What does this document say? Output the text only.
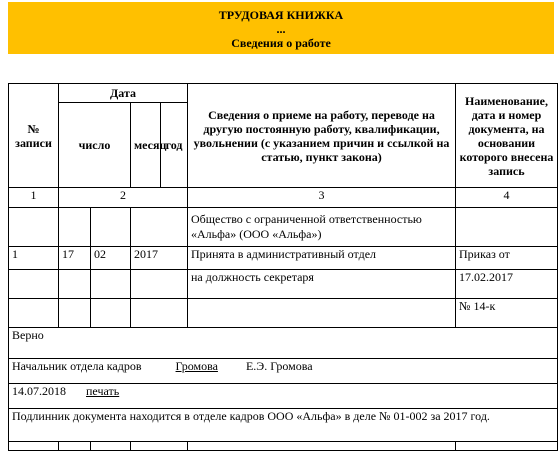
ТРУДОВАЯ КНИЖКА
...
Сведения о работе
№ записи	Дата				Сведения о приеме на работу, переводе на другую постоянную работу, квалификации, увольнении (с указанием причин и ссылкой на статью, пункт закона)	Наименование, дата и номер документа, на основании которого внесена запись
	число		месяц	год		
1	2				3	4
					Общество с ограниченной ответственностью «Альфа» (ООО «Альфа»)	
1	17	02	2017		Принята в административный отдел	Приказ от
					на должность секретаря	17.02.2017
						№ 14-к
Верно						
Начальник отдела кадров Громова Е.Э. Громова						
14.07.2018 печать						
Подлинник документа находится в отделе кадров ООО «Альфа» в деле № 01-002 за 2017 год.						
